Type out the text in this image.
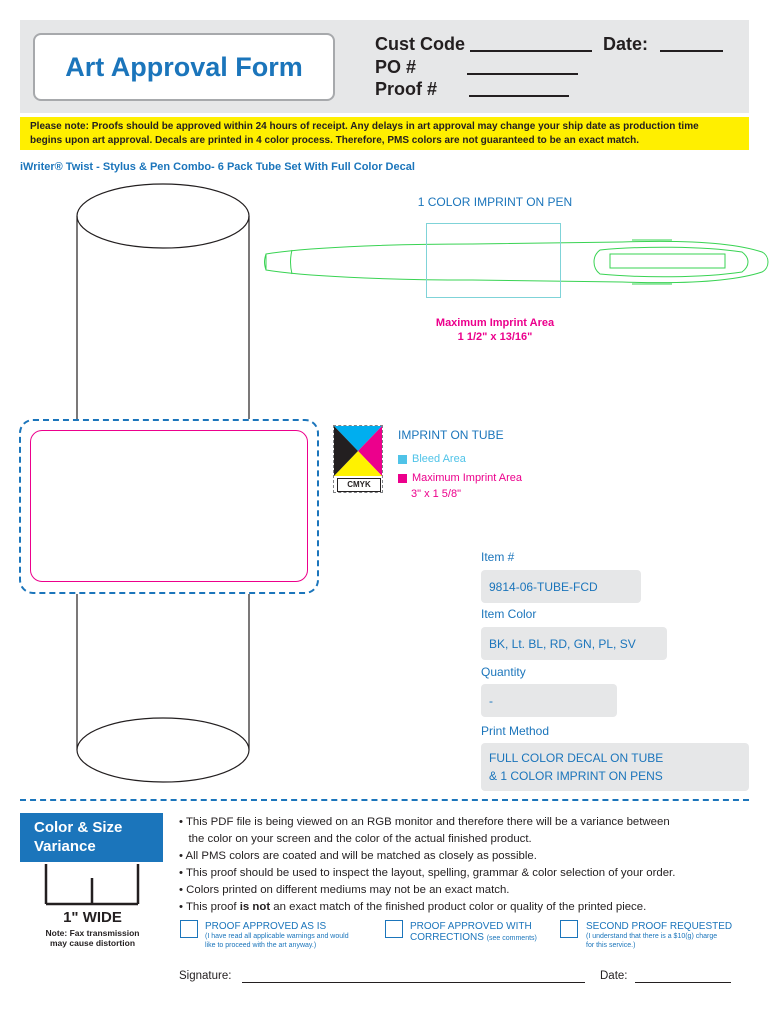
Art Approval Form
Cust Code	Date:
PO #
Proof #
Please note: Proofs should be approved within 24 hours of receipt. Any delays in art approval may change your ship date as production time
begins upon art approval. Decals are printed in 4 color process. Therefore, PMS colors are not guaranteed to be an exact match.
iWriter® Twist - Stylus & Pen Combo- 6 Pack Tube Set With Full Color Decal
1 COLOR IMPRINT ON PEN
Maximum Imprint Area
1 1/2" x 13/16"
CMYK
IMPRINT ON TUBE
Bleed Area
Maximum Imprint Area
3" x 1 5/8"
Item #
9814-06-TUBE-FCD
Item Color
BK, Lt. BL, RD, GN, PL, SV
Quantity
-
Print Method
FULL COLOR DECAL ON TUBE
& 1 COLOR IMPRINT ON PENS
Color & Size
Variance
1" WIDE
Note: Fax transmission
may cause distortion
• This PDF file is being viewed on an RGB monitor and therefore there will be a variance between
the color on your screen and the color of the actual finished product.
• All PMS colors are coated and will be matched as closely as possible.
• This proof should be used to inspect the layout, spelling, grammar & color selection of your order.
• Colors printed on different mediums may not be an exact match.
• This proof is not an exact match of the finished product color or quality of the printed piece.
PROOF APPROVED AS IS
(I have read all applicable warnings and would
like to proceed with the art anyway.)
PROOF APPROVED WITH
CORRECTIONS (see comments)
SECOND PROOF REQUESTED
(I understand that there is a $10(g) charge
for this service.)
Signature:	Date:
